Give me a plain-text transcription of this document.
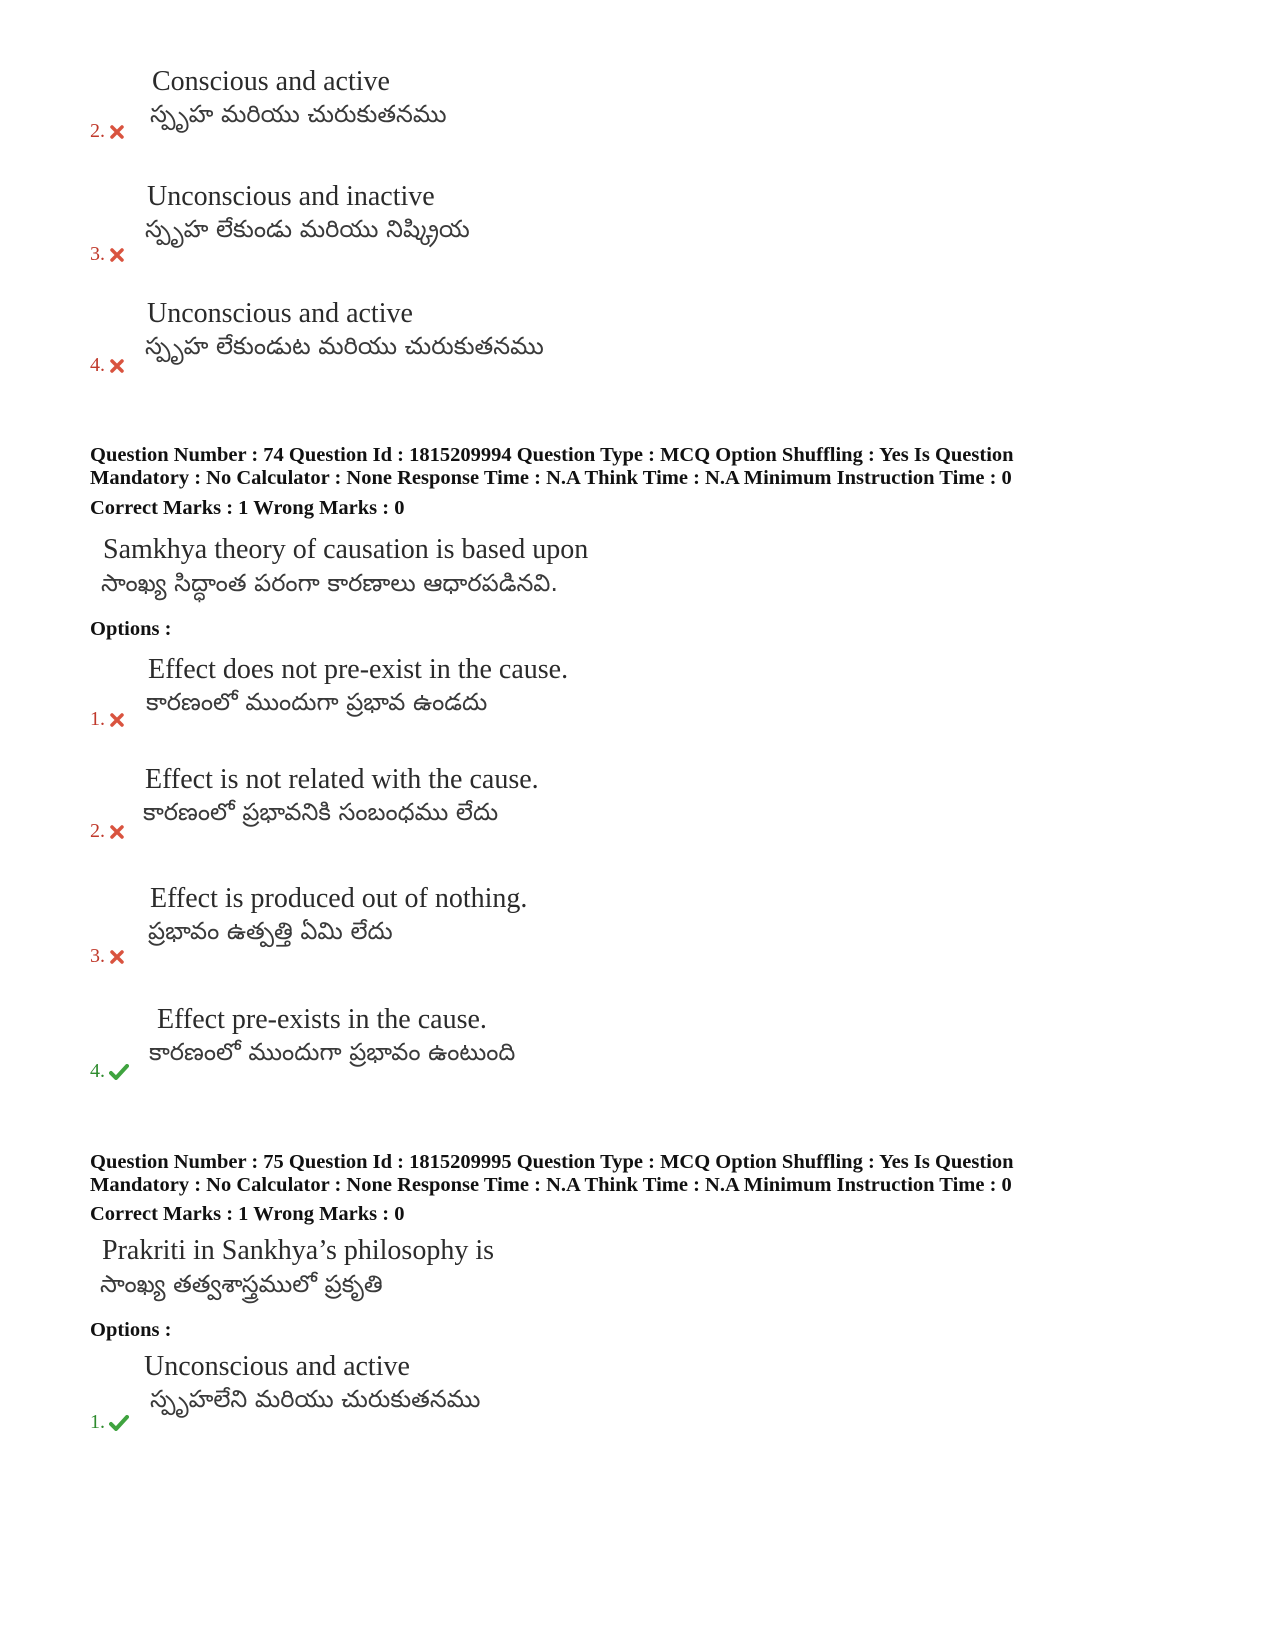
Conscious and active
స్పృహ మరియు చురుకుతనము
2.
Unconscious and inactive
స్పృహ లేకుండు మరియు నిష్క్రియ
3.
Unconscious and active
స్పృహ లేకుండుట మరియు చురుకుతనము
4.
Question Number : 74 Question Id : 1815209994 Question Type : MCQ Option Shuffling : Yes Is Question
Mandatory : No Calculator : None Response Time : N.A Think Time : N.A Minimum Instruction Time : 0
Correct Marks : 1 Wrong Marks : 0
Samkhya theory of causation is based upon
సాంఖ్య సిద్ధాంత పరంగా కారణాలు ఆధారపడినవి.
Options :
Effect does not pre-exist in the cause.
కారణంలో ముందుగా ప్రభావ ఉండదు
1.
Effect is not related with the cause.
కారణంలో ప్రభావనికి సంబంధము లేదు
2.
Effect is produced out of nothing.
ప్రభావం ఉత్పత్తి ఏమి లేదు
3.
Effect pre-exists in the cause.
కారణంలో ముందుగా ప్రభావం ఉంటుంది
4.
Question Number : 75 Question Id : 1815209995 Question Type : MCQ Option Shuffling : Yes Is Question
Mandatory : No Calculator : None Response Time : N.A Think Time : N.A Minimum Instruction Time : 0
Correct Marks : 1 Wrong Marks : 0
Prakriti in Sankhya’s philosophy is
సాంఖ్య తత్వశాస్త్రములో ప్రకృతి
Options :
Unconscious and active
స్పృహలేని మరియు చురుకుతనము
1.
